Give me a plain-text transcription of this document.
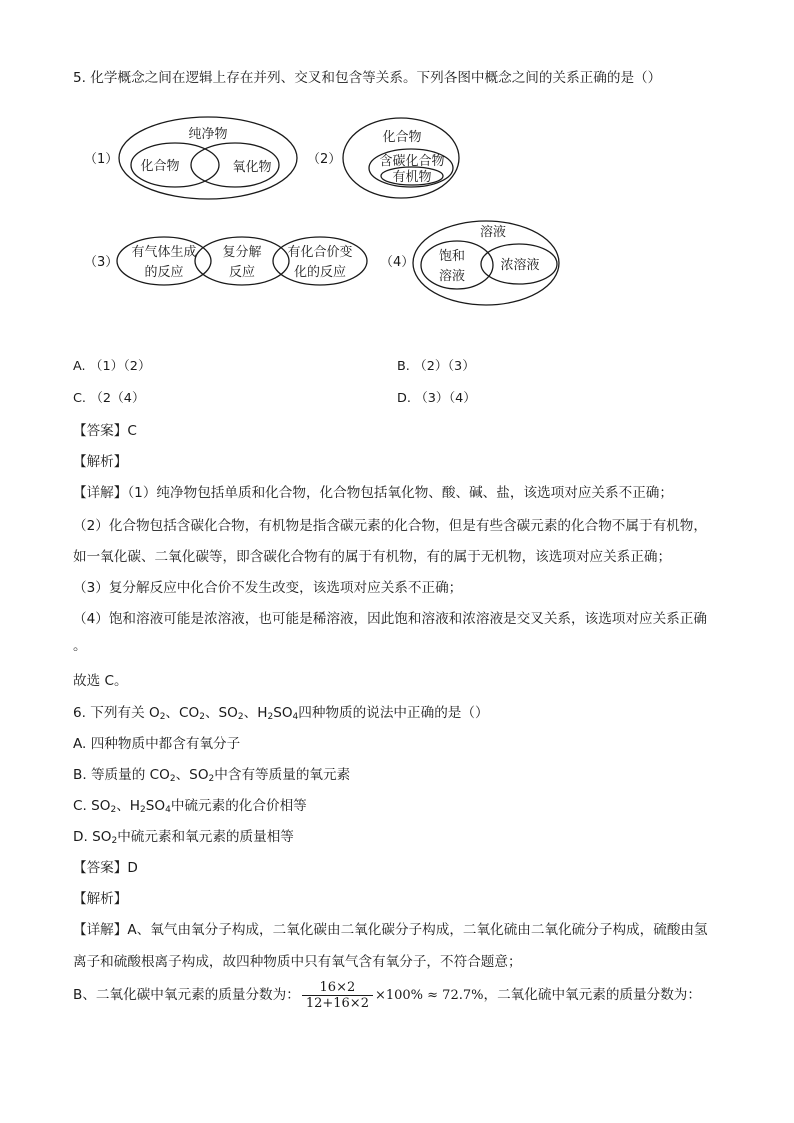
5. 化学概念之间在逻辑上存在并列、交叉和包含等关系。下列各图中概念之间的关系正确的是（）
（1）
纯净物
化合物	氧化物
（2）
化合物
含碳化合物
有机物
（3）
有气体生成
的反应
复分解
反应
有化合价变
化的反应
（4）
溶液
饱和
溶液
浓溶液
A. （1）（2）	B. （2）（3）
C. （2（4）	D. （3）（4）
【答案】C
【解析】
【详解】（1）纯净物包括单质和化合物，化合物包括氧化物、酸、碱、盐，该选项对应关系不正确；
（2）化合物包括含碳化合物，有机物是指含碳元素的化合物，但是有些含碳元素的化合物不属于有机物，
如一氧化碳、二氧化碳等，即含碳化合物有的属于有机物，有的属于无机物，该选项对应关系正确；
（3）复分解反应中化合价不发生改变，该选项对应关系不正确；
（4）饱和溶液可能是浓溶液，也可能是稀溶液，因此饱和溶液和浓溶液是交叉关系，该选项对应关系正确
。
故选 C。
6. 下列有关 $O_2$、$CO_2$、$SO_2$、$H_2SO_4$四种物质的说法中正确的是（）
A. 四种物质中都含有氧分子
B. 等质量的 $CO_2$、$SO_2$中含有等质量的氧元素
C. $SO_2$、$H_2SO_4$中硫元素的化合价相等
D. $SO_2$中硫元素和氧元素的质量相等
【答案】D
【解析】
【详解】A、氧气由氧分子构成，二氧化碳由二氧化碳分子构成，二氧化硫由二氧化硫分子构成，硫酸由氢
离子和硫酸根离子构成，故四种物质中只有氧气含有氧分子，不符合题意；
B、二氧化碳中氧元素的质量分数为： $\frac{16\times 2}{12+16\times 2} \times 100\% \approx 72.7\%$，二氧化硫中氧元素的质量分数为：
